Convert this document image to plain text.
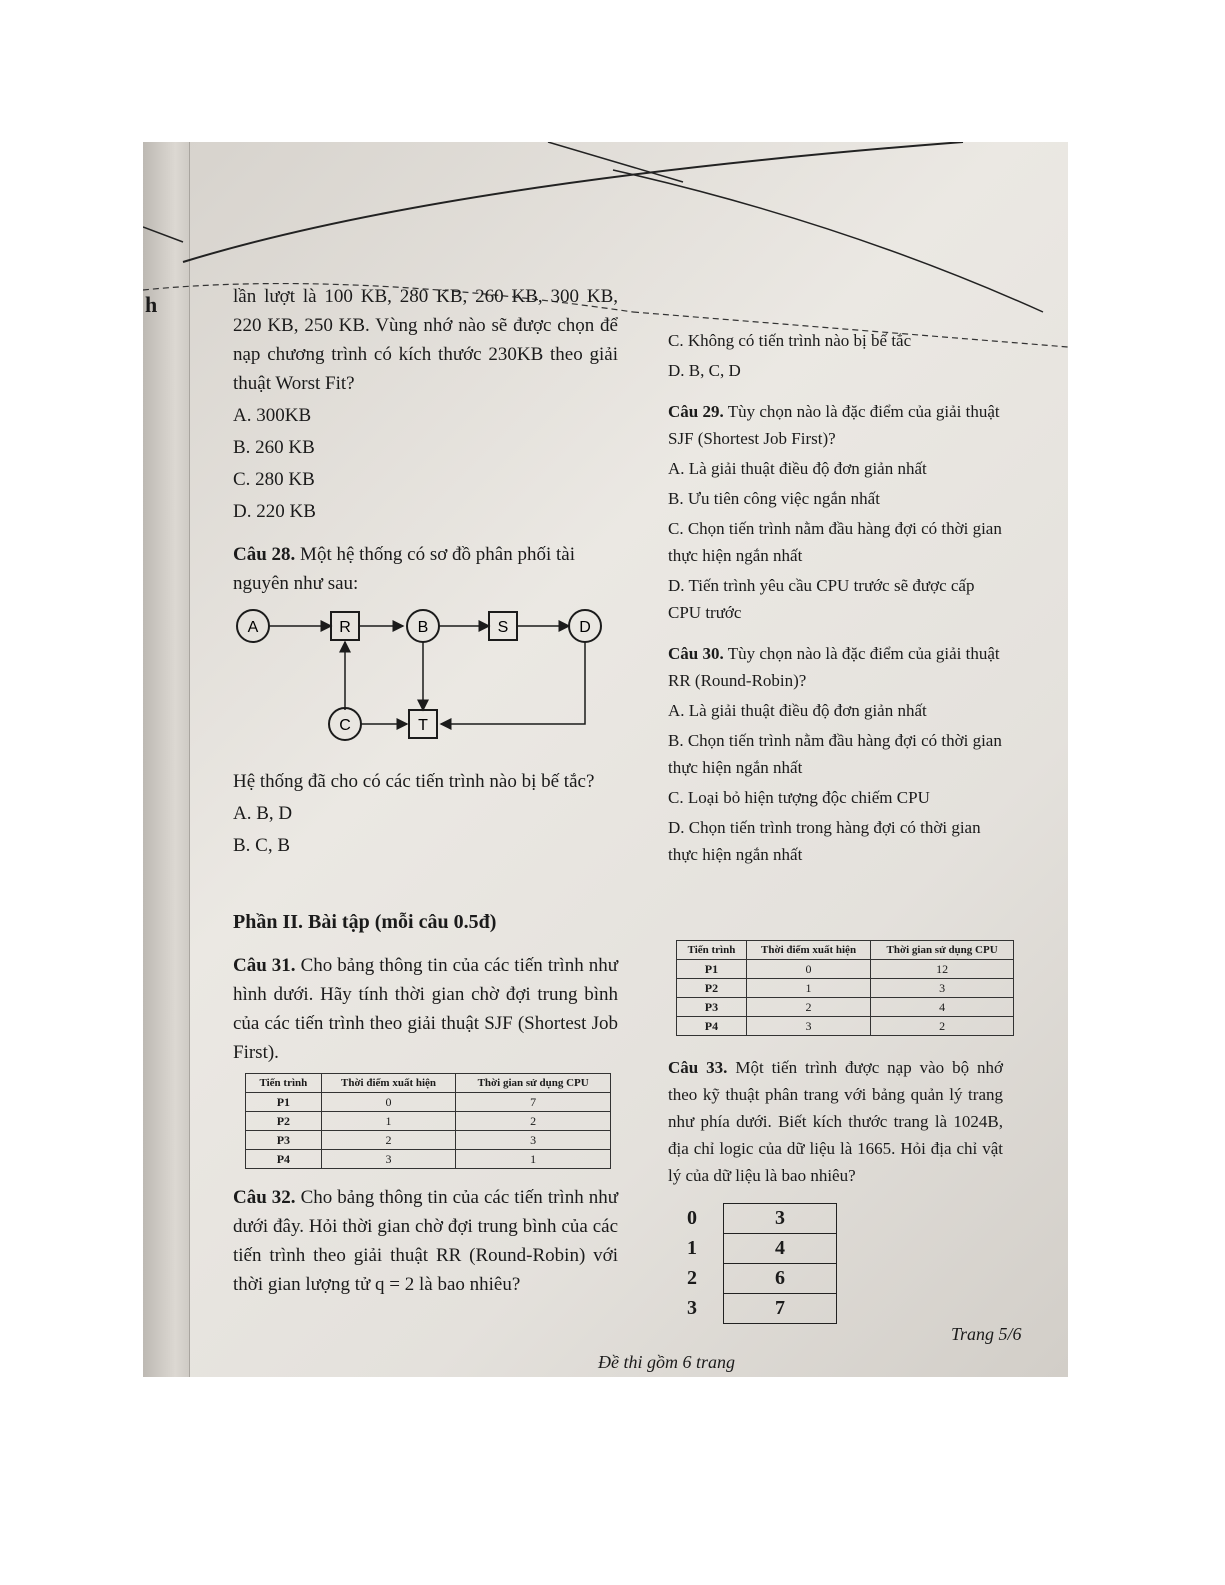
h	lần lượt là 100 KB, 280 KB, 260 KB, 300 KB, 220 KB, 250 KB. Vùng nhớ nào sẽ được chọn để nạp chương trình có kích thước 230KB theo giải thuật Worst Fit?

A. 300KB

B. 260 KB

C. 280 KB

D. 220 KB

Câu 28. Một hệ thống có sơ đồ phân phối tài nguyên như sau:

A	R	B	S	D
C	T

Hệ thống đã cho có các tiến trình nào bị bế tắc?

A. B, D

B. C, B

Phần II. Bài tập (mỗi câu 0.5đ)

Câu 31. Cho bảng thông tin của các tiến trình như hình dưới. Hãy tính thời gian chờ đợi trung bình của các tiến trình theo giải thuật SJF (Shortest Job First).

Tiến trình	Thời điểm xuất hiện	Thời gian sử dụng CPU
P1	0	7
P2	1	2
P3	2	3
P4	3	1

Câu 32. Cho bảng thông tin của các tiến trình như dưới đây. Hỏi thời gian chờ đợi trung bình của các tiến trình theo giải thuật RR (Round-Robin) với thời gian lượng tử q = 2 là bao nhiêu?

C. Không có tiến trình nào bị bế tắc

D. B, C, D

Câu 29. Tùy chọn nào là đặc điểm của giải thuật SJF (Shortest Job First)?

A. Là giải thuật điều độ đơn giản nhất

B. Ưu tiên công việc ngắn nhất

C. Chọn tiến trình nằm đầu hàng đợi có thời gian thực hiện ngắn nhất

D. Tiến trình yêu cầu CPU trước sẽ được cấp CPU trước

Câu 30. Tùy chọn nào là đặc điểm của giải thuật RR (Round-Robin)?

A. Là giải thuật điều độ đơn giản nhất

B. Chọn tiến trình nằm đầu hàng đợi có thời gian thực hiện ngắn nhất

C. Loại bỏ hiện tượng độc chiếm CPU

D. Chọn tiến trình trong hàng đợi có thời gian thực hiện ngắn nhất

Tiến trình	Thời điểm xuất hiện	Thời gian sử dụng CPU
P1	0	12
P2	1	3
P3	2	4
P4	3	2

Câu 33. Một tiến trình được nạp vào bộ nhớ theo kỹ thuật phân trang với bảng quản lý trang như phía dưới. Biết kích thước trang là 1024B, địa chỉ logic của dữ liệu là 1665. Hỏi địa chỉ vật lý của dữ liệu là bao nhiêu?

0	3
1	4
2	6
3	7
Trang 5/6
Đề thi gồm 6 trang
